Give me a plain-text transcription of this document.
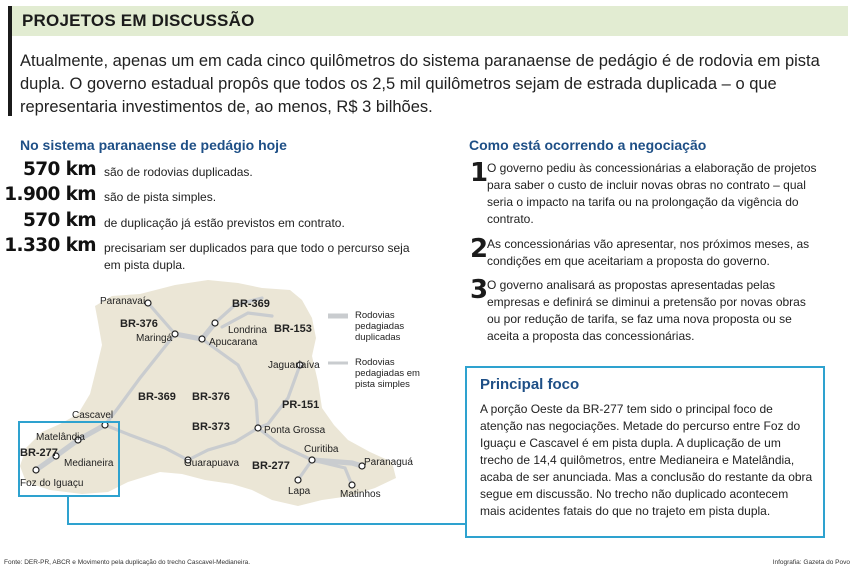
PROJETOS EM DISCUSSÃO

Atualmente, apenas um em cada cinco quilômetros do sistema paranaense de pedágio é de rodovia em pista dupla. O governo estadual propôs que todos os 2,5 mil quilômetros sejam de estrada duplicada – o que representaria investimentos de, ao menos, R$ 3 bilhões.

No sistema paranaense de pedágio hoje	Como está ocorrendo a negociação
570 km são de rodovias duplicadas.
1.900 km são de pista simples.
570 km de duplicação já estão previstos em contrato.
1.330 km precisariam ser duplicados para que todo o percurso seja em pista dupla.
Paranavaí
Maringá
Londrina
Apucarana
Jaguariaíva
Ponta Grossa
Curitiba
Paranaguá
Lapa	Matinhos
Guarapuava
Cascavel
Matelândia
Medianeira
Foz do Iguaçu
BR-369
BR-376	BR-153
BR-369 BR-376
PR-151
BR-373
BR-277
BR-277
Rodovias
pedagiadas
duplicadas
Rodovias
pedagiadas em
pista simples
1
O governo pediu às concessionárias a elaboração de projetos para saber o custo de incluir novas obras no contrato – qual seria o impacto na tarifa ou na prolongação da vigência do contrato.
2
As concessionárias vão apresentar, nos próximos meses, as condições em que aceitariam a proposta do governo.
3
O governo analisará as propostas apresentadas pelas empresas e definirá se diminui a pretensão por novas obras ou por redução de tarifa, se faz uma nova proposta ou se aceita a proposta das concessionárias.
Principal foco

A porção Oeste da BR-277 tem sido o principal foco de atenção nas negociações. Metade do percurso entre Foz do Iguaçu e Cascavel é em pista dupla. A duplicação de um trecho de 14,4 quilômetros, entre Medianeira e Matelândia, acaba de ser anunciada. Mas a conclusão do restante da obra segue em discussão. No trecho não duplicado acontecem mais acidentes fatais do que no trajeto em pista dupla.

Fonte: DER-PR, ABCR e Movimento pela duplicação do trecho Cascavel-Medianeira.	Infografia: Gazeta do Povo
